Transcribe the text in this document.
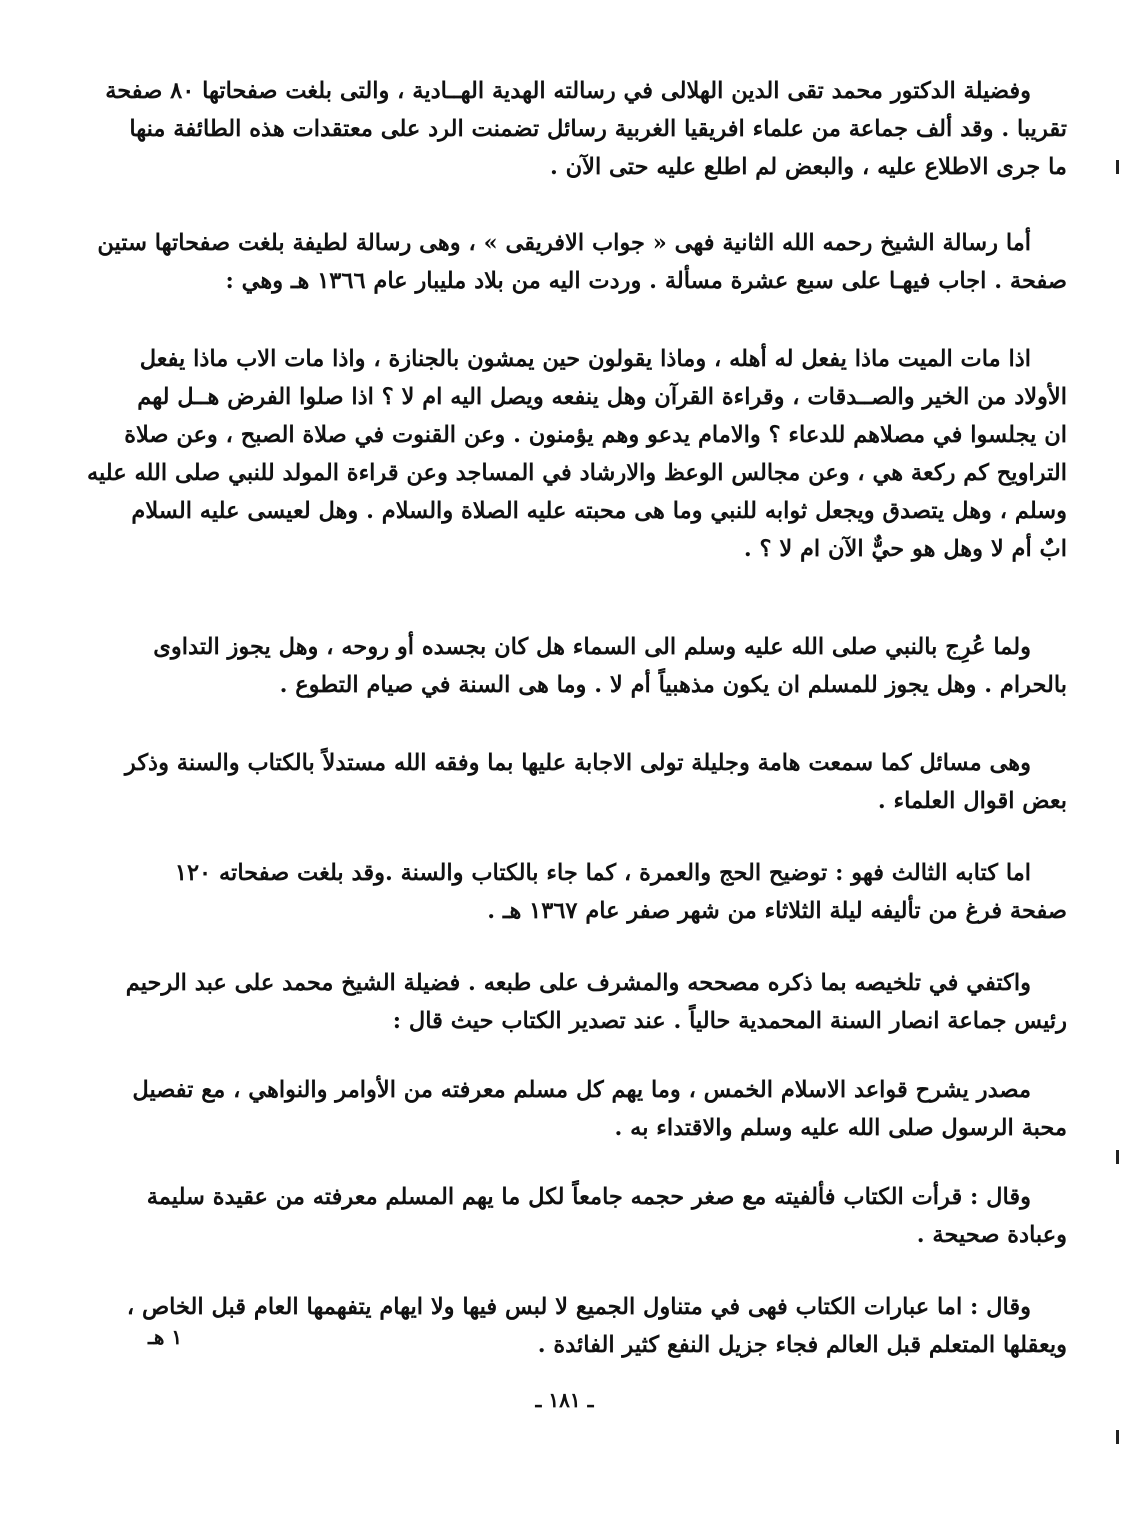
وفضيلة الدكتور محمد تقى الدين الهلالى في رسالته الهدية الهــادية ، والتى بلغت صفحاتها ٨٠ صفحة
تقريبا . وقد ألف جماعة من علماء افريقيا الغربية رسائل تضمنت الرد على معتقدات هذه الطائفة منها
ما جرى الاطلاع عليه ، والبعض لم اطلع عليه حتى الآن .
أما رسالة الشيخ رحمه الله الثانية فهى « جواب الافريقى » ، وهى رسالة لطيفة بلغت صفحاتها ستين
صفحة . اجاب فيهـا على سبع عشرة مسألة . وردت اليه من بلاد مليبار عام ١٣٦٦ هـ وهي :
اذا مات الميت ماذا يفعل له أهله ، وماذا يقولون حين يمشون بالجنازة ، واذا مات الاب ماذا يفعل
الأولاد من الخير والصــدقات ، وقراءة القرآن وهل ينفعه ويصل اليه ام لا ؟ اذا صلوا الفرض هــل لهم
ان يجلسوا في مصلاهم للدعاء ؟ والامام يدعو وهم يؤمنون . وعن القنوت في صلاة الصبح ، وعن صلاة
التراويح كم ركعة هي ، وعن مجالس الوعظ والارشاد في المساجد وعن قراءة المولد للنبي صلى الله عليه
وسلم ، وهل يتصدق ويجعل ثوابه للنبي وما هى محبته عليه الصلاة والسلام . وهل لعيسى عليه السلام
ابٌ أم لا وهل هو حيٌّ الآن ام لا ؟ .
ولما عُرِج بالنبي صلى الله عليه وسلم الى السماء هل كان بجسده أو روحه ، وهل يجوز التداوى
بالحرام . وهل يجوز للمسلم ان يكون مذهبياً أم لا . وما هى السنة في صيام التطوع .
وهى مسائل كما سمعت هامة وجليلة تولى الاجابة عليها بما وفقه الله مستدلاً بالكتاب والسنة وذكر
بعض اقوال العلماء .
اما كتابه الثالث فهو : توضيح الحج والعمرة ، كما جاء بالكتاب والسنة .وقد بلغت صفحاته ١٢٠
صفحة فرغ من تأليفه ليلة الثلاثاء من شهر صفر عام ١٣٦٧ هـ .
واكتفي في تلخيصه بما ذكره مصححه والمشرف على طبعه . فضيلة الشيخ محمد على عبد الرحيم
رئيس جماعة انصار السنة المحمدية حالياً . عند تصدير الكتاب حيث قال :
مصدر يشرح قواعد الاسلام الخمس ، وما يهم كل مسلم معرفته من الأوامر والنواهي ، مع تفصيل
محبة الرسول صلى الله عليه وسلم والاقتداء به .
وقال : قرأت الكتاب فألفيته مع صغر حجمه جامعاً لكل ما يهم المسلم معرفته من عقيدة سليمة
وعبادة صحيحة .
وقال : اما عبارات الكتاب فهى في متناول الجميع لا لبس فيها ولا ايهام يتفهمها العام قبل الخاص ،
ويعقلها المتعلم قبل العالم فجاء جزيل النفع كثير الفائدة .
١ هـ
ـ ١٨١ ـ
